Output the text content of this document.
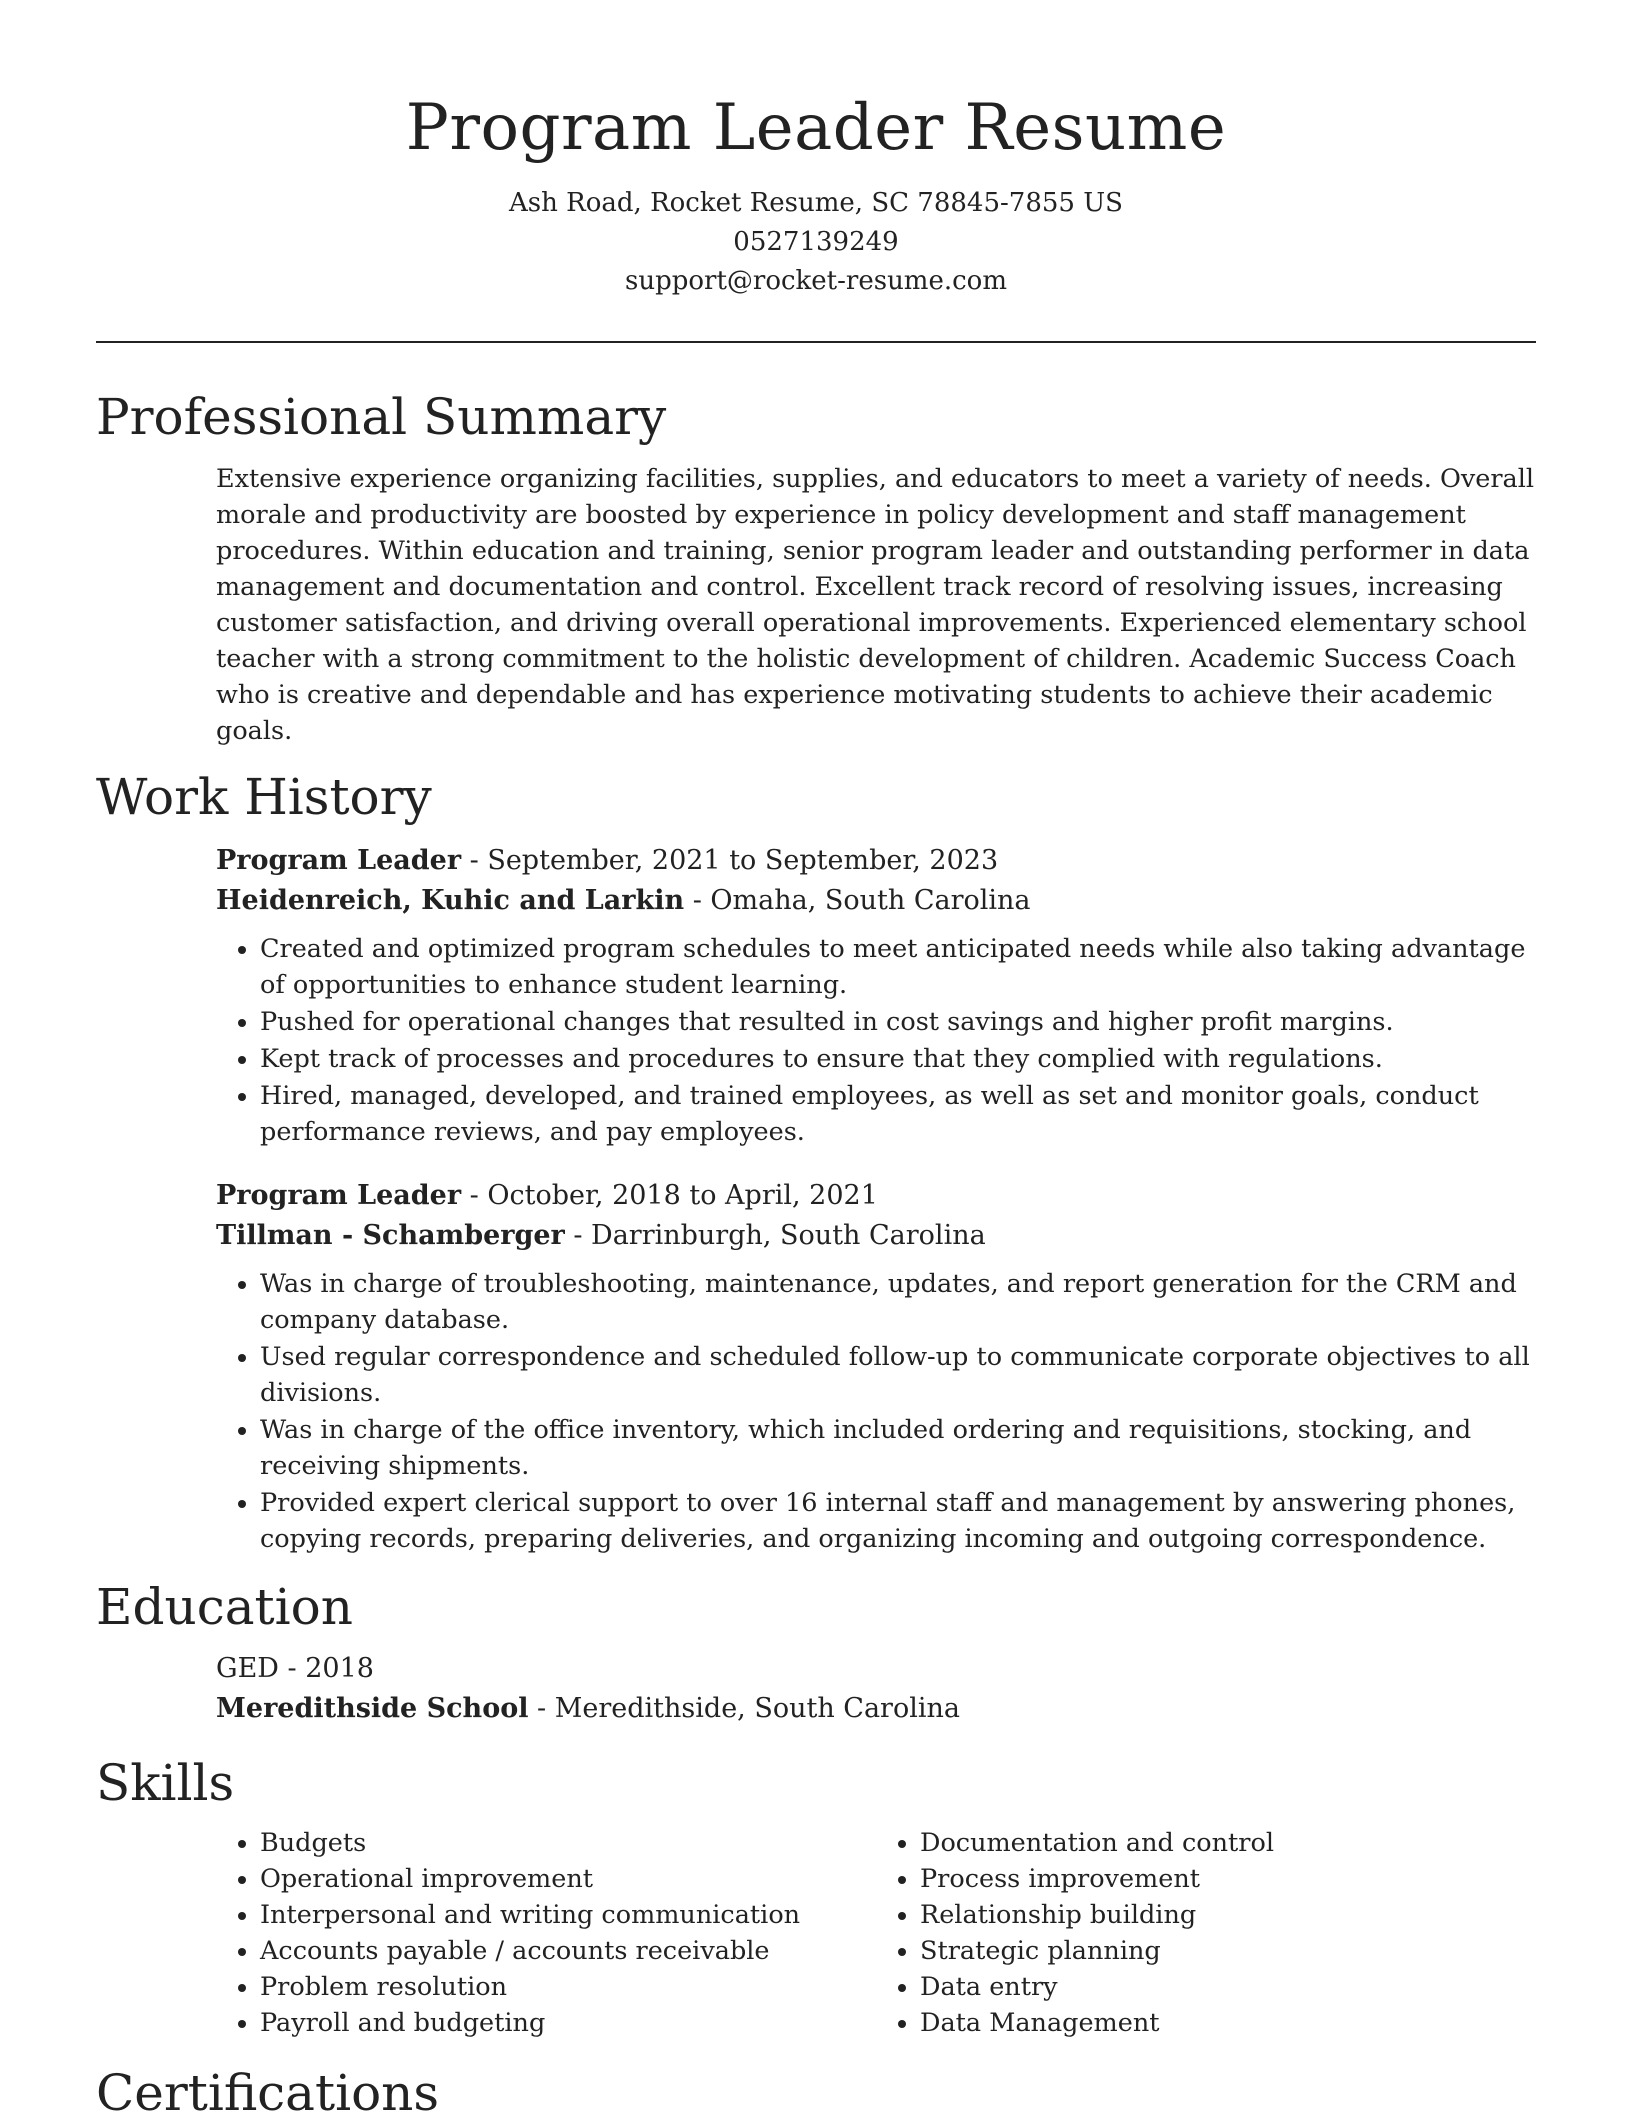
Program Leader Resume
Ash Road, Rocket Resume, SC 78845-7855 US
0527139249
support@rocket-resume.com
Professional Summary
Extensive experience organizing facilities, supplies, and educators to meet a variety of needs. Overall morale and productivity are boosted by experience in policy development and staff management procedures. Within education and training, senior program leader and outstanding performer in data management and documentation and control. Excellent track record of resolving issues, increasing customer satisfaction, and driving overall operational improvements. Experienced elementary school teacher with a strong commitment to the holistic development of children. Academic Success Coach who is creative and dependable and has experience motivating students to achieve their academic goals.
Work History
Program Leader - September, 2021 to September, 2023
Heidenreich, Kuhic and Larkin - Omaha, South Carolina
• Created and optimized program schedules to meet anticipated needs while also taking advantage of opportunities to enhance student learning.
• Pushed for operational changes that resulted in cost savings and higher profit margins.
• Kept track of processes and procedures to ensure that they complied with regulations.
• Hired, managed, developed, and trained employees, as well as set and monitor goals, conduct performance reviews, and pay employees.
Program Leader - October, 2018 to April, 2021
Tillman - Schamberger - Darrinburgh, South Carolina
• Was in charge of troubleshooting, maintenance, updates, and report generation for the CRM and company database.
• Used regular correspondence and scheduled follow-up to communicate corporate objectives to all divisions.
• Was in charge of the office inventory, which included ordering and requisitions, stocking, and receiving shipments.
• Provided expert clerical support to over 16 internal staff and management by answering phones, copying records, preparing deliveries, and organizing incoming and outgoing correspondence.
Education
GED - 2018
Meredithside School - Meredithside, South Carolina
Skills
• Budgets
• Operational improvement
• Interpersonal and writing communication
• Accounts payable / accounts receivable
• Problem resolution
• Payroll and budgeting
• Documentation and control
• Process improvement
• Relationship building
• Strategic planning
• Data entry
• Data Management
Certifications
